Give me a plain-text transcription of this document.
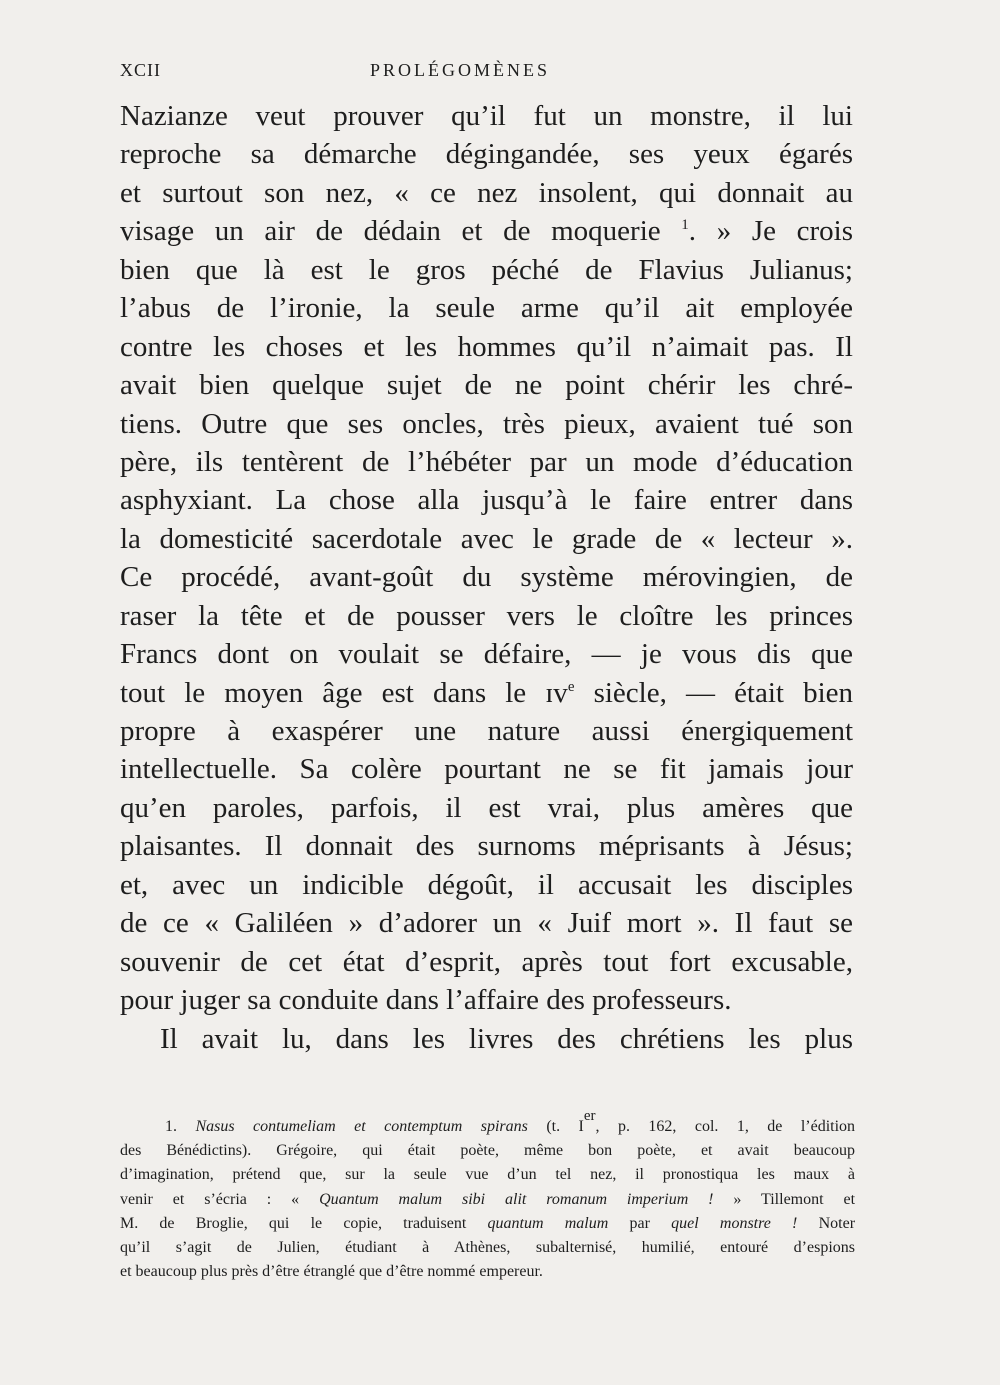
XCII	PROLÉGOMÈNES
Nazianze veut prouver qu’il fut un monstre, il lui
reproche sa démarche dégingandée, ses yeux égarés
et surtout son nez, « ce nez insolent, qui donnait au
visage un air de dédain et de moquerie $^1$. » Je crois
bien que là est le gros péché de Flavius Julianus;
l’abus de l’ironie, la seule arme qu’il ait employée
contre les choses et les hommes qu’il n’aimait pas. Il
avait bien quelque sujet de ne point chérir les chré-
tiens. Outre que ses oncles, très pieux, avaient tué son
père, ils tentèrent de l’hébéter par un mode d’éducation
asphyxiant. La chose alla jusqu’à le faire entrer dans
la domesticité sacerdotale avec le grade de « lecteur ».
Ce procédé, avant-goût du système mérovingien, de
raser la tête et de pousser vers le cloître les princes
Francs dont on voulait se défaire, — je vous dis que
tout le moyen âge est dans le ɪᴠ$^e$ siècle, — était bien
propre à exaspérer une nature aussi énergiquement
intellectuelle. Sa colère pourtant ne se fit jamais jour
qu’en paroles, parfois, il est vrai, plus amères que
plaisantes. Il donnait des surnoms méprisants à Jésus;
et, avec un indicible dégoût, il accusait les disciples
de ce « Galiléen » d’adorer un « Juif mort ». Il faut se
souvenir de cet état d’esprit, après tout fort excusable,
pour juger sa conduite dans l’affaire des professeurs.
Il avait lu, dans les livres des chrétiens les plus
1. Nasus contumeliam et contemptum spirans (t. Ier, p. 162, col. 1, de l’édition
des Bénédictins). Grégoire, qui était poète, même bon poète, et avait beaucoup
d’imagination, prétend que, sur la seule vue d’un tel nez, il pronostiqua les maux à
venir et s’écria : « Quantum malum sibi alit romanum imperium ! » Tillemont et
M. de Broglie, qui le copie, traduisent quantum malum par quel monstre ! Noter
qu’il s’agit de Julien, étudiant à Athènes, subalternisé, humilié, entouré d’espions
et beaucoup plus près d’être étranglé que d’être nommé empereur.
